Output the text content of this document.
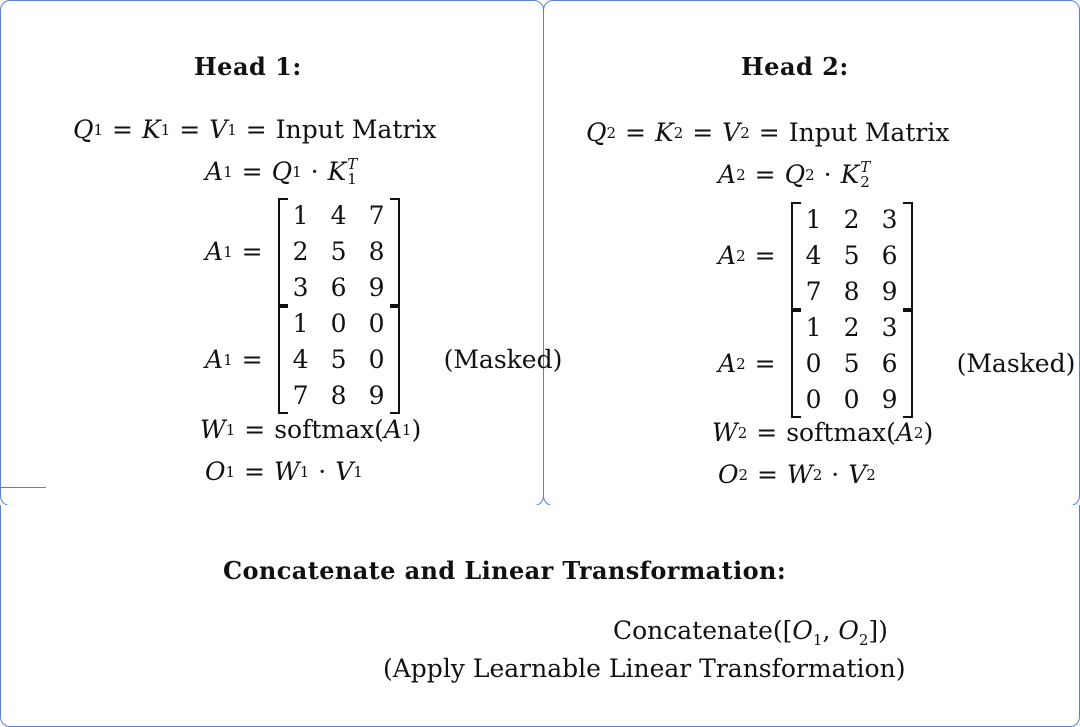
Head 1:
Q 1 = K 1 = V 1 = Input Matrix
A 1 = Q 1 · K T
1
A 1 =
1 4 7
2 5 8
3 6 9
A 1 =
1 0 0
4 5 0
7 8 9
(Masked)
W 1 = softmax ( A 1 )
O 1 = W 1 · V 1
Head 2:
Q 2 = K 2 = V 2 = Input Matrix
A 2 = Q 2 · K T
2
A 2 =
1 2 3
4 5 6
7 8 9
A 2 =
1 2 3
0 5 6
0 0 9
(Masked)
W 2 = softmax ( A 2 )
O 2 = W 2 · V 2
Concatenate and Linear Transformation:
$Concatenate([O_1$, $O_2$])
(Apply Learnable Linear Transformation)
